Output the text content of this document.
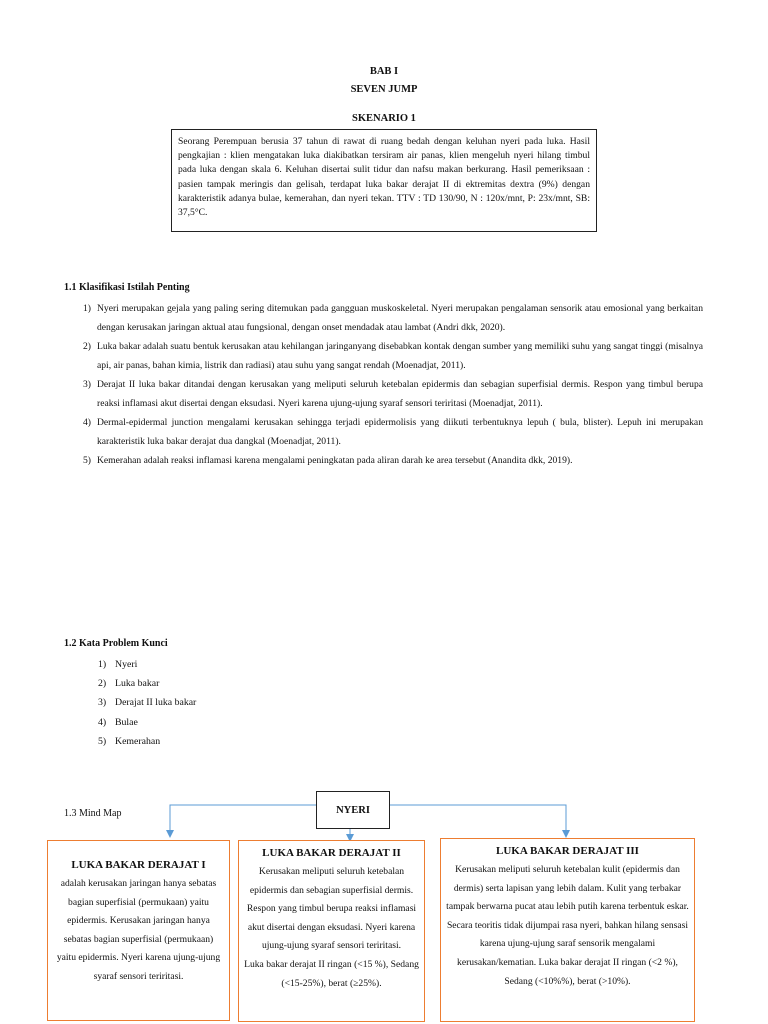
BAB I
SEVEN JUMP
SKENARIO 1
Seorang Perempuan berusia 37 tahun di rawat di ruang bedah dengan keluhan nyeri pada luka. Hasil pengkajian : klien mengatakan luka diakibatkan tersiram air panas, klien mengeluh nyeri hilang timbul pada luka dengan skala 6. Keluhan disertai sulit tidur dan nafsu makan berkurang. Hasil pemeriksaan : pasien tampak meringis dan gelisah, terdapat luka bakar derajat II di ektremitas dextra (9%) dengan karakteristik adanya bulae, kemerahan, dan nyeri tekan. TTV : TD 130/90, N : 120x/mnt, P: 23x/mnt, SB: 37,5°C.
1.1 Klasifikasi Istilah Penting
1) Nyeri merupakan gejala yang paling sering ditemukan pada gangguan muskoskeletal. Nyeri merupakan pengalaman sensorik atau emosional yang berkaitan dengan kerusakan jaringan aktual atau fungsional, dengan onset mendadak atau lambat (Andri dkk, 2020).
2) Luka bakar adalah suatu bentuk kerusakan atau kehilangan jaringanyang disebabkan kontak dengan sumber yang memiliki suhu yang sangat tinggi (misalnya api, air panas, bahan kimia, listrik dan radiasi) atau suhu yang sangat rendah (Moenadjat, 2011).
3) Derajat II luka bakar ditandai dengan kerusakan yang meliputi seluruh ketebalan epidermis dan sebagian superfisial dermis. Respon yang timbul berupa reaksi inflamasi akut disertai dengan eksudasi. Nyeri karena ujung-ujung syaraf sensori teriritasi (Moenadjat, 2011).
4) Dermal-epidermal junction mengalami kerusakan sehingga terjadi epidermolisis yang diikuti terbentuknya lepuh ( bula, blister). Lepuh ini merupakan karakteristik luka bakar derajat dua dangkal (Moenadjat, 2011).
5) Kemerahan adalah reaksi inflamasi karena mengalami peningkatan pada aliran darah ke area tersebut (Anandita dkk, 2019).
1.2 Kata Problem Kunci
1) Nyeri
2) Luka bakar
3) Derajat II luka bakar
4) Bulae
5) Kemerahan
1.3 Mind Map	NYERI
LUKA BAKAR DERAJAT I
adalah kerusakan jaringan hanya sebatas bagian superfisial (permukaan) yaitu epidermis. Kerusakan jaringan hanya sebatas bagian superfisial (permukaan) yaitu epidermis. Nyeri karena ujung-ujung syaraf sensori teriritasi.
LUKA BAKAR DERAJAT II
Kerusakan meliputi seluruh ketebalan epidermis dan sebagian superfisial dermis. Respon yang timbul berupa reaksi inflamasi akut disertai dengan eksudasi. Nyeri karena ujung-ujung syaraf sensori teriritasi.
Luka bakar derajat II ringan (<15 %), Sedang (<15-25%), berat (≥25%).
LUKA BAKAR DERAJAT III
Kerusakan meliputi seluruh ketebalan kulit (epidermis dan dermis) serta lapisan yang lebih dalam. Kulit yang terbakar tampak berwarna pucat atau lebih putih karena terbentuk eskar. Secara teoritis tidak dijumpai rasa nyeri, bahkan hilang sensasi karena ujung-ujung saraf sensorik mengalami kerusakan/kematian. Luka bakar derajat II ringan (<2 %), Sedang (<10%%), berat (>10%).
